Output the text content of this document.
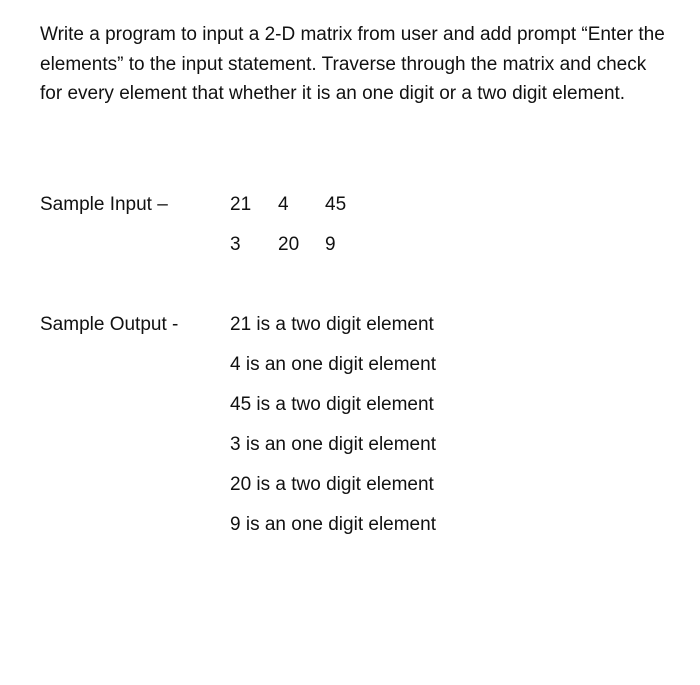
Write a program to input a 2-D matrix from user and add prompt “Enter the elements” to the input statement. Traverse through the matrix and check for every element that whether it is an one digit or a two digit element.

Sample Input –	21 4 45
3 20 9

Sample Output -	21 is a two digit element

4 is an one digit element

45 is a two digit element

3 is an one digit element

20 is a two digit element

9 is an one digit element
